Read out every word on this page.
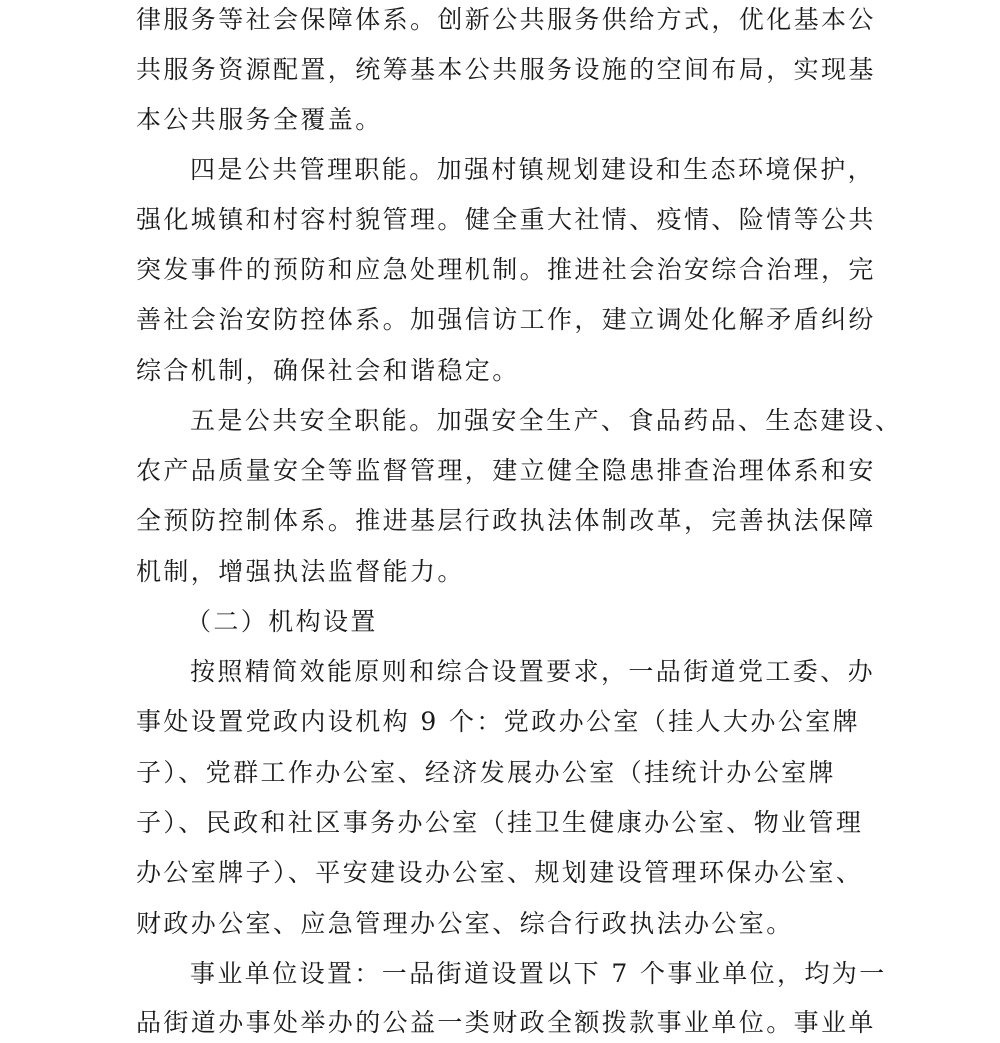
律服务等社会保障体系。创新公共服务供给方式，优化基本公
共服务资源配置，统筹基本公共服务设施的空间布局，实现基
本公共服务全覆盖。
四是公共管理职能。加强村镇规划建设和生态环境保护，
强化城镇和村容村貌管理。健全重大社情、疫情、险情等公共
突发事件的预防和应急处理机制。推进社会治安综合治理，完
善社会治安防控体系。加强信访工作，建立调处化解矛盾纠纷
综合机制，确保社会和谐稳定。
五是公共安全职能。加强安全生产、食品药品、生态建设、
农产品质量安全等监督管理，建立健全隐患排查治理体系和安
全预防控制体系。推进基层行政执法体制改革，完善执法保障
机制，增强执法监督能力。
（二）机构设置
按照精简效能原则和综合设置要求，一品街道党工委、办
事处设置党政内设机构 9 个：党政办公室（挂人大办公室牌
子）、党群工作办公室、经济发展办公室（挂统计办公室牌
子）、民政和社区事务办公室（挂卫生健康办公室、物业管理
办公室牌子）、平安建设办公室、规划建设管理环保办公室、
财政办公室、应急管理办公室、综合行政执法办公室。
事业单位设置：一品街道设置以下 7 个事业单位，均为一
品街道办事处举办的公益一类财政全额拨款事业单位。事业单
